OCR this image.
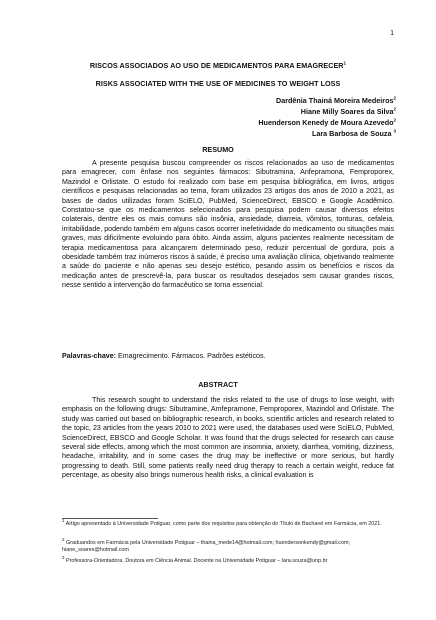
1
RISCOS ASSOCIADOS AO USO DE MEDICAMENTOS PARA EMAGRECER$^1$
RISKS ASSOCIATED WITH THE USE OF MEDICINES TO WEIGHT LOSS
Dardênia Thainá Moreira Medeiros$^2$
Hiane Milly Soares da Silva$^2$
Huenderson Kenedy de Moura Azevedo$^2$
Lara Barbosa de Souza $^3$
RESUMO
A presente pesquisa buscou compreender os riscos relacionados ao uso de medicamentos para emagrecer, com ênfase nos seguintes fármacos: Sibutramina, Anfepramona, Femproporex, Mazindol e Orlistate. O estudo foi realizado com base em pesquisa bibliográfica, em livros, artigos científicos e pesquisas relacionadas ao tema, foram utilizados 23 artigos dos anos de 2010 a 2021, as bases de dados utilizadas foram SciELO, PubMed, ScienceDirect, EBSCO e Google Acadêmico. Constatou-se que os medicamentos selecionados para pesquisa podem causar diversos efeitos colaterais, dentre eles os mais comuns são insônia, ansiedade, diarreia, vômitos, tonturas, cefaleia, irritabilidade, podendo também em alguns casos ocorrer inefetividade do medicamento ou situações mais graves, mas dificilmente evoluindo para óbito. Ainda assim, alguns pacientes realmente necessitam de terapia medicamentosa para alcançarem determinado peso, reduzir percentual de gordura, pois a obesidade também traz inúmeros riscos à saúde, é preciso uma avaliação clínica, objetivando realmente a saúde do paciente e não apenas seu desejo estético, pesando assim os benefícios e riscos da medicação antes de prescrevê-la, para buscar os resultados desejados sem causar grandes riscos, nesse sentido a intervenção do farmacêutico se torna essencial.
Palavras-chave: Emagrecimento. Fármacos. Padrões estéticos.
ABSTRACT
This research sought to understand the risks related to the use of drugs to lose weight, with emphasis on the following drugs: Sibutramine, Amfepramone, Femproporex, Mazindol and Orlistate. The study was carried out based on bibliographic research, in books, scientific articles and research related to the topic, 23 articles from the years 2010 to 2021 were used, the databases used were SciELO, PubMed, ScienceDirect, EBSCO and Google Scholar. It was found that the drugs selected for research can cause several side effects, among which the most common are insomnia, anxiety, diarrhea, vomiting, dizziness, headache, irritability, and in some cases the drug may be ineffective or more serious, but hardly progressing to death. Still, some patients really need drug therapy to reach a certain weight, reduce fat percentage, as obesity also brings numerous health risks, a clinical evaluation is
$^1$ Artigo apresentado à Universidade Potiguar, como parte dos requisitos para obtenção do Título de Bacharel em Farmácia, em 2021.
$^2$ Graduandos em Farmácia pela Universidade Potiguar – thaina_mede14@hotmail.com; huendersonkendy@gmail.com; hiane_soares@hotmail.com
$^3$ Professora-Orientadora. Doutora em Ciência Animal. Docente na Universidade Potiguar – lara.souza@unp.br
